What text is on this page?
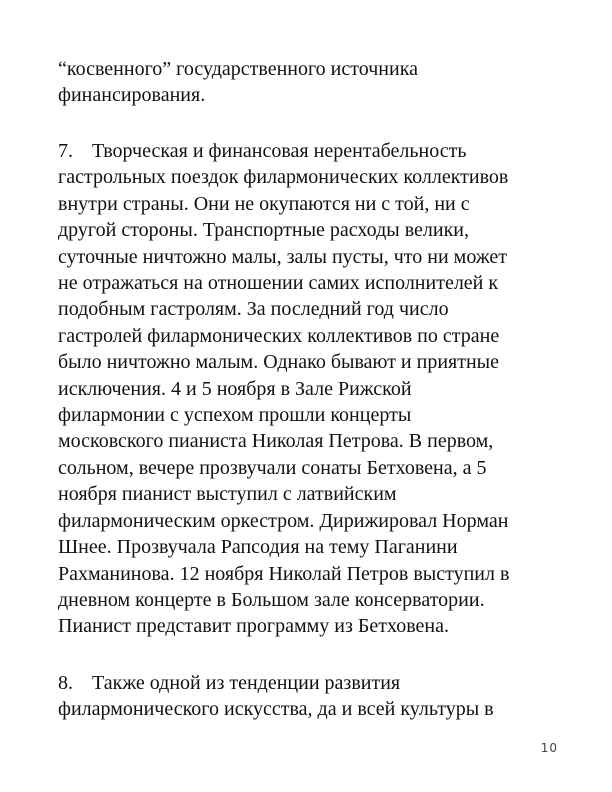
“косвенного” государственного источника
финансирования.
7. Творческая и финансовая нерентабельность
гастрольных поездок филармонических коллективов
внутри страны. Они не окупаются ни с той, ни с
другой стороны. Транспортные расходы велики,
суточные ничтожно малы, залы пусты, что ни может
не отражаться на отношении самих исполнителей к
подобным гастролям. За последний год число
гастролей филармонических коллективов по стране
было ничтожно малым. Однако бывают и приятные
исключения. 4 и 5 ноября в Зале Рижской
филармонии с успехом прошли концерты
московского пианиста Николая Петрова. В первом,
сольном, вечере прозвучали сонаты Бетховена, а 5
ноября пианист выступил с латвийским
филармоническим оркестром. Дирижировал Норман
Шнее. Прозвучала Рапсодия на тему Паганини
Рахманинова. 12 ноября Николай Петров выступил в
дневном концерте в Большом зале консерватории.
Пианист представит программу из Бетховена.
8. Также одной из тенденции развития
филармонического искусства, да и всей культуры в
10
